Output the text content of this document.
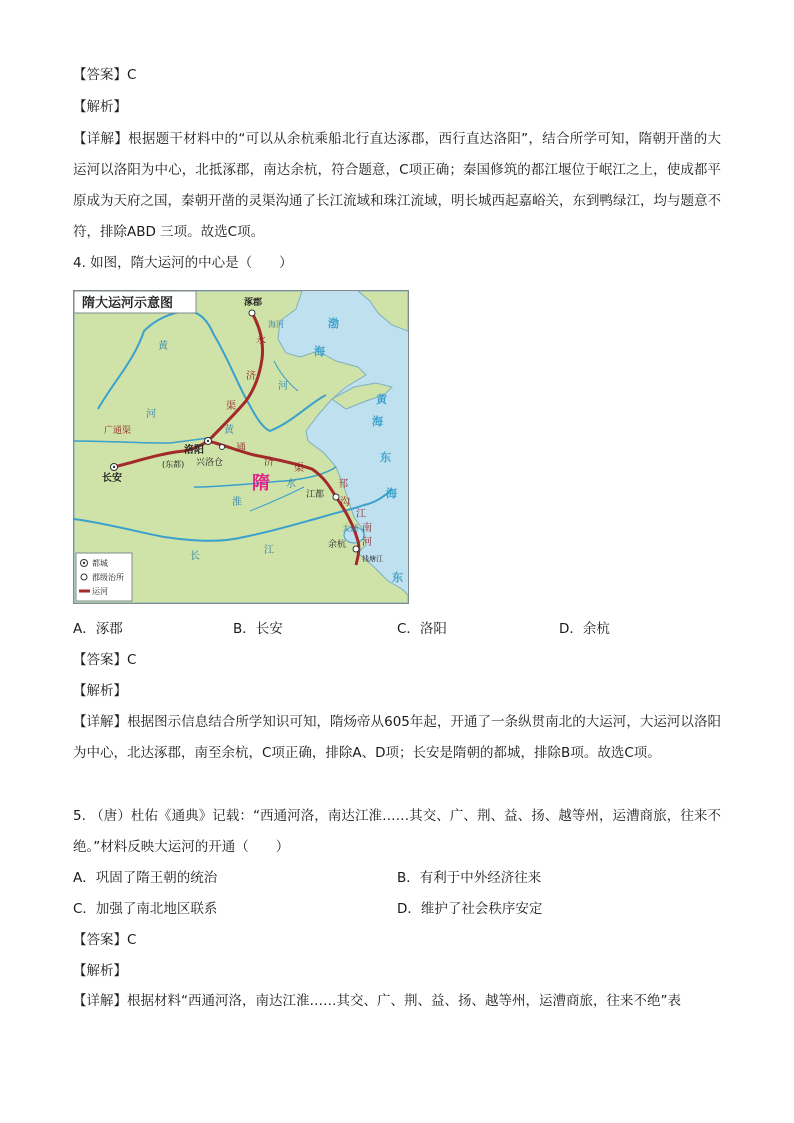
【答案】C
【解析】
【详解】根据题干材料中的“可以从余杭乘船北行直达涿郡，西行直达洛阳”，结合所学可知，隋朝开凿的大运河以洛阳为中心，北抵涿郡，南达余杭，符合题意，C项正确；秦国修筑的都江堰位于岷江之上，使成都平原成为天府之国，秦朝开凿的灵渠沟通了长江流域和珠江流域，明长城西起嘉峪关，东到鸭绿江，均与题意不符，排除ABD 三项。故选C项。
4. 如图，隋大运河的中心是（　　）
隋大运河示意图	涿郡
洛阳
(东都) 兴洛仓
长安
江都
余杭
隋
太湖
钱塘江
海河
广通渠
永
济
渠
通
济
渠
邗
沟
江
南
河
黄
河
黄
河
淮
水
长
江
渤
海
黄
海
东
海
东
都城
郡级治所
运河
A．涿郡	B．长安	C．洛阳	D．余杭
【答案】C
【解析】
【详解】根据图示信息结合所学知识可知，隋炀帝从605年起，开通了一条纵贯南北的大运河，大运河以洛阳为中心，北达涿郡，南至余杭，C项正确，排除A、D项；长安是隋朝的都城，排除B项。故选C项。
5. （唐）杜佑《通典》记载：“西通河洛，南达江淮……其交、广、荆、益、扬、越等州，运漕商旅，往来不绝。”材料反映大运河的开通（　　）
A．巩固了隋王朝的统治	B．有利于中外经济往来
C．加强了南北地区联系	D．维护了社会秩序安定
【答案】C
【解析】
【详解】根据材料“西通河洛，南达江淮……其交、广、荆、益、扬、越等州，运漕商旅，往来不绝”表
